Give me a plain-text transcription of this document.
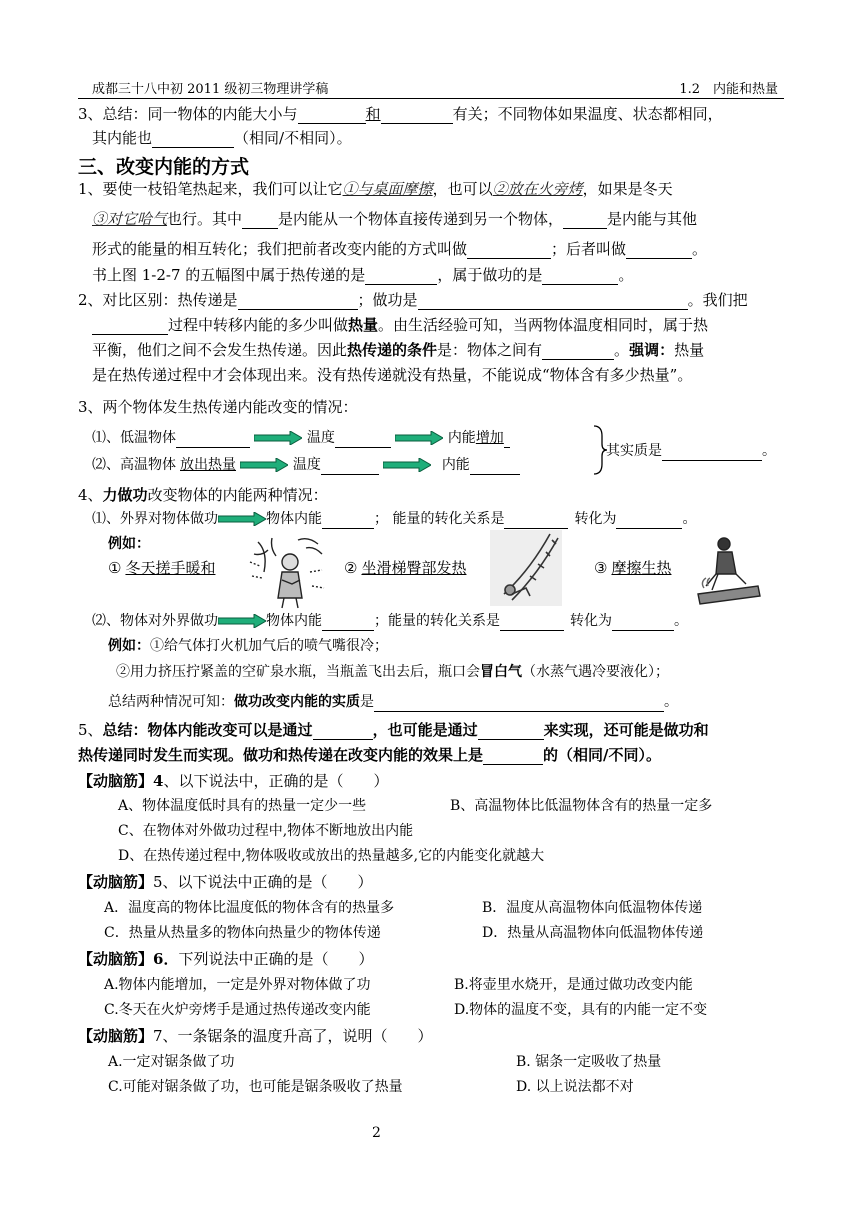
成都三十八中初 2011 级初三物理讲学稿	1.2　内能和热量
3、总结：同一物体的内能大小与	和	有关；不同物体如果温度、状态都相同，
其内能也	（相同/不相同）。
三、改变内能的方式
1、要使一枝铅笔热起来，我们可以让它①与桌面摩擦，也可以②放在火旁烤，如果是冬天
③对它哈气也行。其中 是内能从一个物体直接传递到另一个物体，	是内能与其他
形式的能量的相互转化；我们把前者改变内能的方式叫做	；后者叫做	。
书上图 1-2-7 的五幅图中属于热传递的是	，属于做功的是	。
2、对比区别：热传递是	；做功是	。我们把
过程中转移内能的多少叫做热量。由生活经验可知，当两物体温度相同时，属于热
平衡，他们之间不会发生热传递。因此热传递的条件是：物体之间有	。强调：热量
是在热传递过程中才会体现出来。没有热传递就没有热量，不能说成“物体含有多少热量”。
3、两个物体发生热传递内能改变的情况：
⑴、低温物体	温度	内能增加
⑵、高温物体 放出热量	温度	内能
其实质是	。
4、力做功改变物体的内能两种情况：
⑴、外界对物体做功	物体内能	； 能量的转化关系是	转化为	。
例如：
① 冬天搓手暖和	② 坐滑梯臀部发热	③ 摩擦生热
⑵、物体对外界做功	物体内能	；能量的转化关系是	转化为	。
例如：①给气体打火机加气后的喷气嘴很冷；
②用力挤压拧紧盖的空矿泉水瓶，当瓶盖飞出去后，瓶口会冒白气（水蒸气遇冷要液化）；
总结两种情况可知：做功改变内能的实质是	。
5、总结：物体内能改变可以是通过	，也可能是通过	来实现，还可能是做功和
热传递同时发生而实现。做功和热传递在改变内能的效果上是	的（相同/不同）。
【动脑筋】4、以下说法中，正确的是（　　）
A、物体温度低时具有的热量一定少一些	B、高温物体比低温物体含有的热量一定多
C、在物体对外做功过程中,物体不断地放出内能
D、在热传递过程中,物体吸收或放出的热量越多,它的内能变化就越大
【动脑筋】5、以下说法中正确的是（　　）
A．温度高的物体比温度低的物体含有的热量多	B．温度从高温物体向低温物体传递
C．热量从热量多的物体向热量少的物体传递	D．热量从高温物体向低温物体传递
【动脑筋】6．下列说法中正确的是（　　）
A.物体内能增加，一定是外界对物体做了功	B.将壶里水烧开，是通过做功改变内能
C.冬天在火炉旁烤手是通过热传递改变内能	D.物体的温度不变，具有的内能一定不变
【动脑筋】7、一条锯条的温度升高了，说明（　　）
A.一定对锯条做了功	B. 锯条一定吸收了热量
C.可能对锯条做了功，也可能是锯条吸收了热量	D. 以上说法都不对
2
